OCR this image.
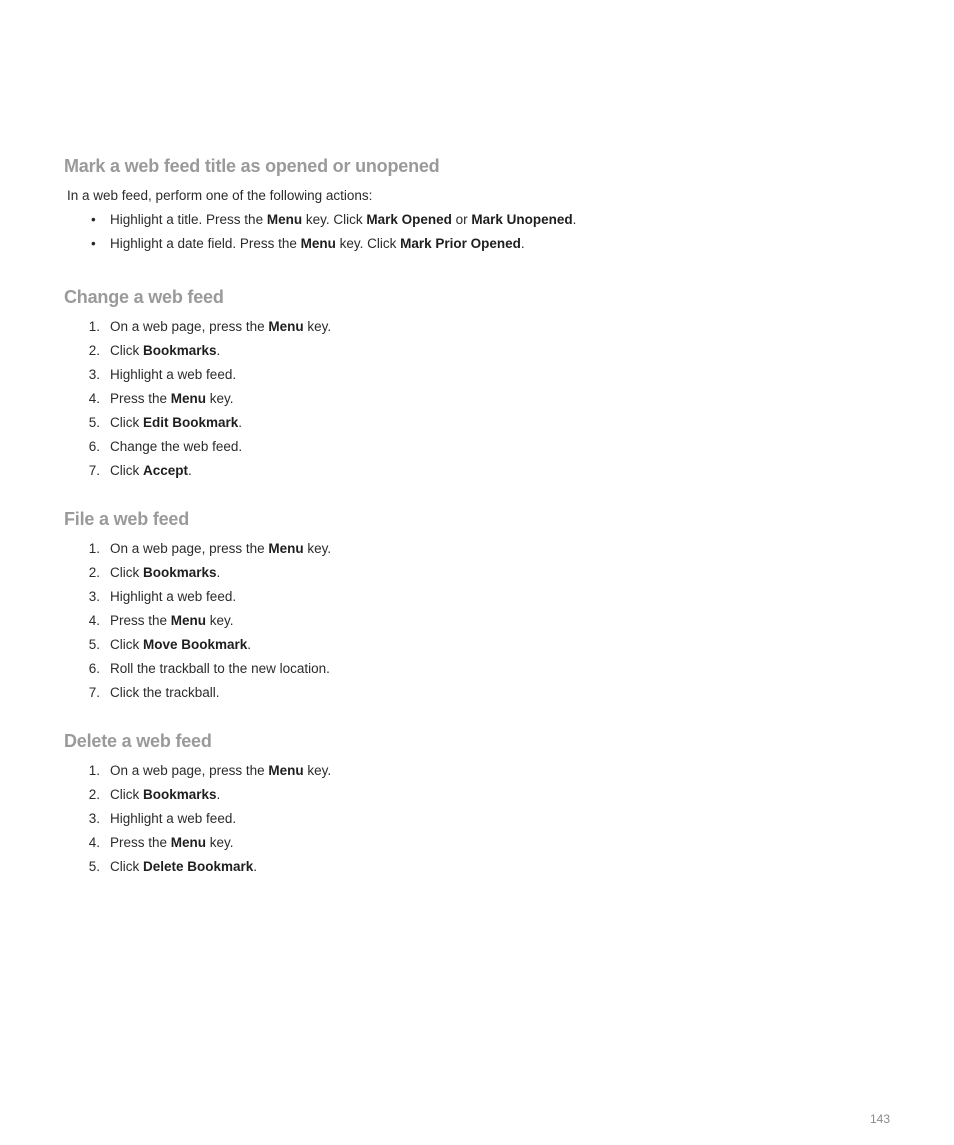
Mark a web feed title as opened or unopened
In a web feed, perform one of the following actions:
•	Highlight a title. Press the Menu key. Click Mark Opened or Mark Unopened.
•	Highlight a date field. Press the Menu key. Click Mark Prior Opened.
Change a web feed
1. On a web page, press the Menu key.
2. Click Bookmarks.
3. Highlight a web feed.
4. Press the Menu key.
5. Click Edit Bookmark.
6. Change the web feed.
7. Click Accept.
File a web feed
1. On a web page, press the Menu key.
2. Click Bookmarks.
3. Highlight a web feed.
4. Press the Menu key.
5. Click Move Bookmark.
6. Roll the trackball to the new location.
7. Click the trackball.
Delete a web feed
1. On a web page, press the Menu key.
2. Click Bookmarks.
3. Highlight a web feed.
4. Press the Menu key.
5. Click Delete Bookmark.
143
